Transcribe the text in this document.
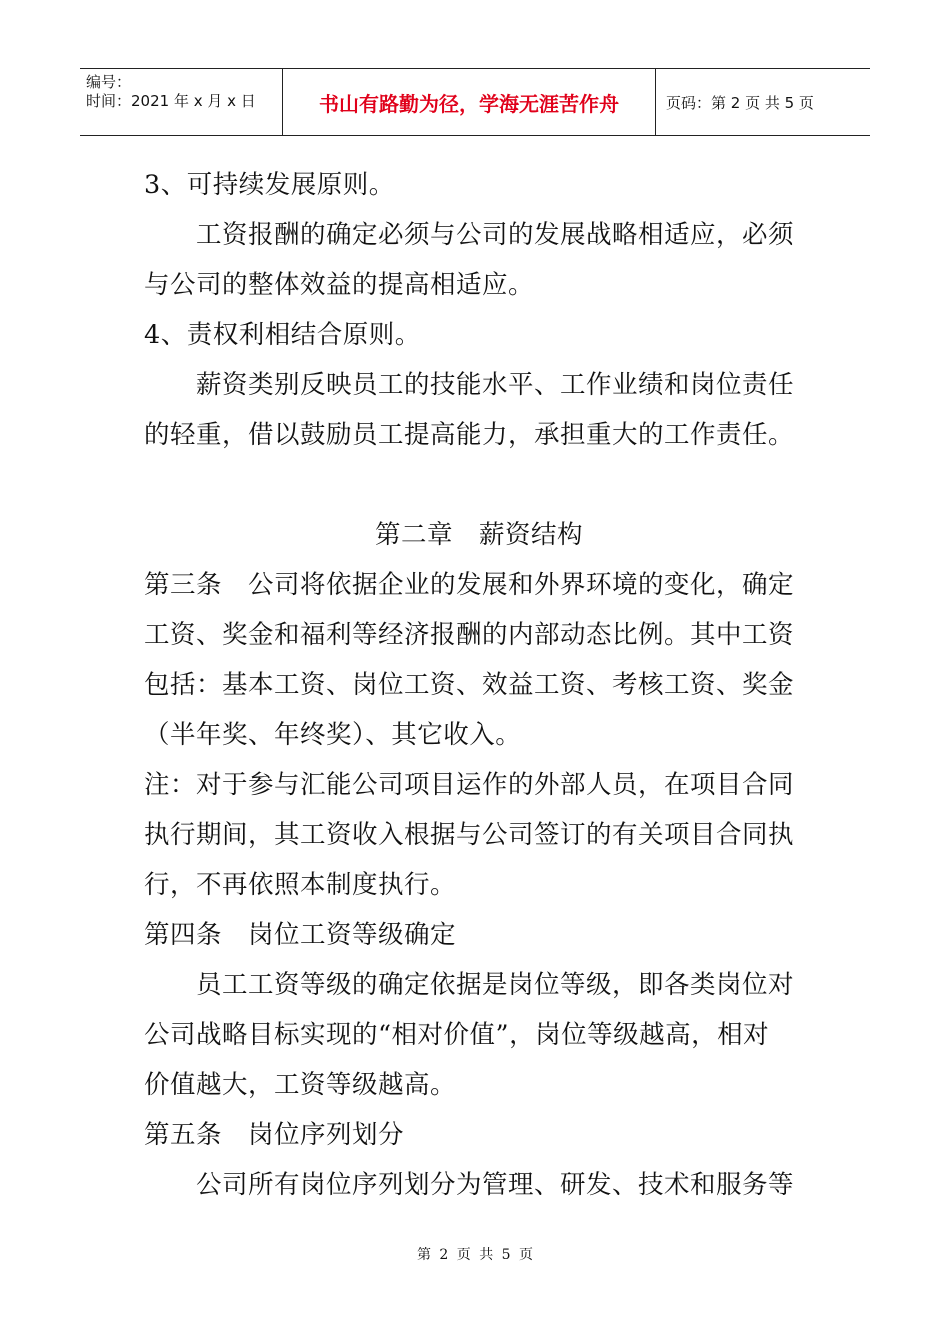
编号：
时间：2021 年 x 月 x 日	书山有路勤为径，学海无涯苦作舟	页码：第 2 页 共 5 页
3、可持续发展原则。
工资报酬的确定必须与公司的发展战略相适应，必须
与公司的整体效益的提高相适应。
4、责权利相结合原则。
薪资类别反映员工的技能水平、工作业绩和岗位责任
的轻重，借以鼓励员工提高能力，承担重大的工作责任。
第二章　薪资结构
第三条　公司将依据企业的发展和外界环境的变化，确定
工资、奖金和福利等经济报酬的内部动态比例。其中工资
包括：基本工资、岗位工资、效益工资、考核工资、奖金
（半年奖、年终奖）、其它收入。
注：对于参与汇能公司项目运作的外部人员，在项目合同
执行期间，其工资收入根据与公司签订的有关项目合同执
行，不再依照本制度执行。
第四条　岗位工资等级确定
员工工资等级的确定依据是岗位等级，即各类岗位对
公司战略目标实现的“相对价值”，岗位等级越高，相对
价值越大，工资等级越高。
第五条　岗位序列划分
公司所有岗位序列划分为管理、研发、技术和服务等
第 2 页 共 5 页
